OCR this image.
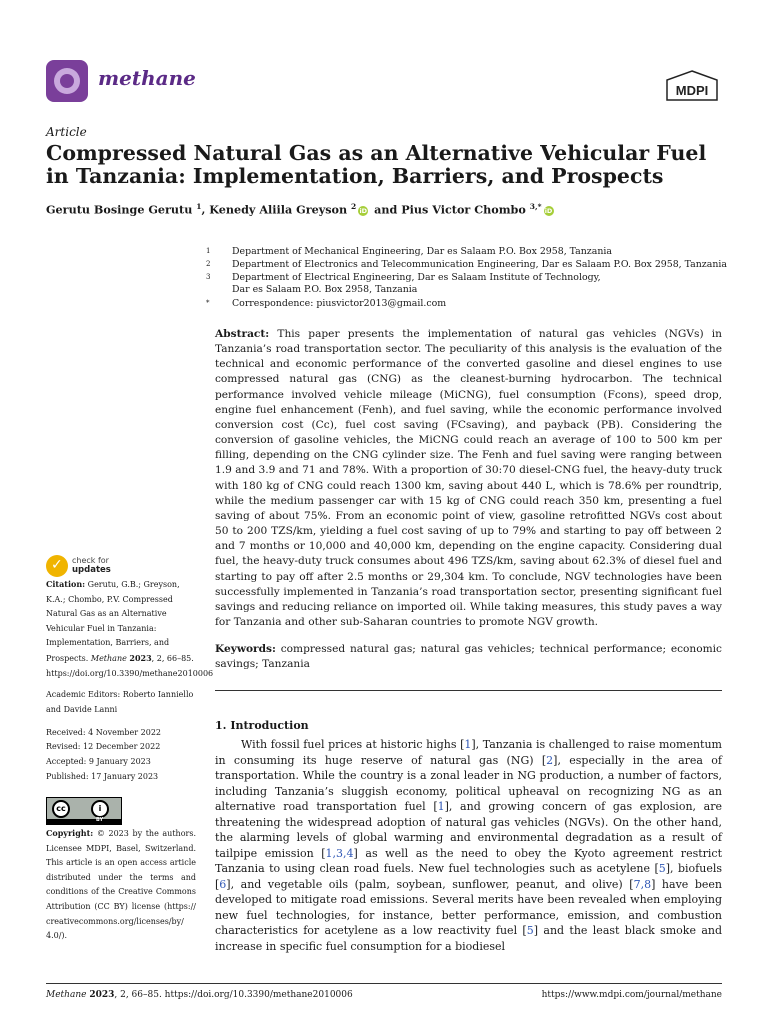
methane
MDPI
Article
Compressed Natural Gas as an Alternative Vehicular Fuel in Tanzania: Implementation, Barriers, and Prospects
Gerutu Bosinge Gerutu $^1$, Kenedy Aliila Greyson $^2$ iD and Pius Victor Chombo $^{3,*}$ iD
1 Department of Mechanical Engineering, Dar es Salaam P.O. Box 2958, Tanzania
2 Department of Electronics and Telecommunication Engineering, Dar es Salaam P.O. Box 2958, Tanzania
3 Department of Electrical Engineering, Dar es Salaam Institute of Technology,
Dar es Salaam P.O. Box 2958, Tanzania
* Correspondence: piusvictor2013@gmail.com
Abstract: This paper presents the implementation of natural gas vehicles (NGVs) in Tanzania’s road transportation sector. The peculiarity of this analysis is the evaluation of the technical and economic performance of the converted gasoline and diesel engines to use compressed natural gas (CNG) as the cleanest-burning hydrocarbon. The technical performance involved vehicle mileage (MiCNG), fuel consumption (Fcons), speed drop, engine fuel enhancement (Fenh), and fuel saving, while the economic performance involved conversion cost (Cc), fuel cost saving (FCsaving), and payback (PB). Considering the conversion of gasoline vehicles, the MiCNG could reach an average of 100 to 500 km per filling, depending on the CNG cylinder size. The Fenh and fuel saving were ranging between 1.9 and 3.9 and 71 and 78%. With a proportion of 30:70 diesel-CNG fuel, the heavy-duty truck with 180 kg of CNG could reach 1300 km, saving about 440 L, which is 78.6% per roundtrip, while the medium passenger car with 15 kg of CNG could reach 350 km, presenting a fuel saving of about 75%. From an economic point of view, gasoline retrofitted NGVs cost about 50 to 200 TZS/km, yielding a fuel cost saving of up to 79% and starting to pay off between 2 and 7 months or 10,000 and 40,000 km, depending on the engine capacity. Considering dual fuel, the heavy-duty truck consumes about 496 TZS/km, saving about 62.3% of diesel fuel and starting to pay off after 2.5 months or 29,304 km. To conclude, NGV technologies have been successfully implemented in Tanzania’s road transportation sector, presenting significant fuel savings and reducing reliance on imported oil. While taking measures, this study paves a way for Tanzania and other sub-Saharan countries to promote NGV growth.
Keywords: compressed natural gas; natural gas vehicles; technical performance; economic savings; Tanzania
1. Introduction
With fossil fuel prices at historic highs [1], Tanzania is challenged to raise momentum in consuming its huge reserve of natural gas (NG) [2], especially in the area of transportation. While the country is a zonal leader in NG production, a number of factors, including Tanzania’s sluggish economy, political upheaval on recognizing NG as an alternative road transportation fuel [1], and growing concern of gas explosion, are threatening the widespread adoption of natural gas vehicles (NGVs). On the other hand, the alarming levels of global warming and environmental degradation as a result of tailpipe emission [1,3,4] as well as the need to obey the Kyoto agreement restrict Tanzania to using clean road fuels. New fuel technologies such as acetylene [5], biofuels [6], and vegetable oils (palm, soybean, sunflower, peanut, and olive) [7,8] have been developed to mitigate road emissions. Several merits have been revealed when employing new fuel technologies, for instance, better performance, emission, and combustion characteristics for acetylene as a low reactivity fuel [5] and the least black smoke and increase in specific fuel consumption for a biodiesel
✓ check for
updates
Citation: Gerutu, G.B.; Greyson, K.A.; Chombo, P.V. Compressed Natural Gas as an Alternative Vehicular Fuel in Tanzania: Implementation, Barriers, and Prospects. Methane 2023, 2, 66–85. https://doi.org/10.3390/methane2010006
Academic Editors: Roberto Ianniello and Davide Lanni
Received: 4 November 2022
Revised: 12 December 2022
Accepted: 9 January 2023
Published: 17 January 2023
cc	i
BY
Copyright: © 2023 by the authors. Licensee MDPI, Basel, Switzerland. This article is an open access article distributed under the terms and conditions of the Creative Commons Attribution (CC BY) license (https:// creativecommons.org/licenses/by/ 4.0/).
Methane 2023, 2, 66–85. https://doi.org/10.3390/methane2010006	https://www.mdpi.com/journal/methane
